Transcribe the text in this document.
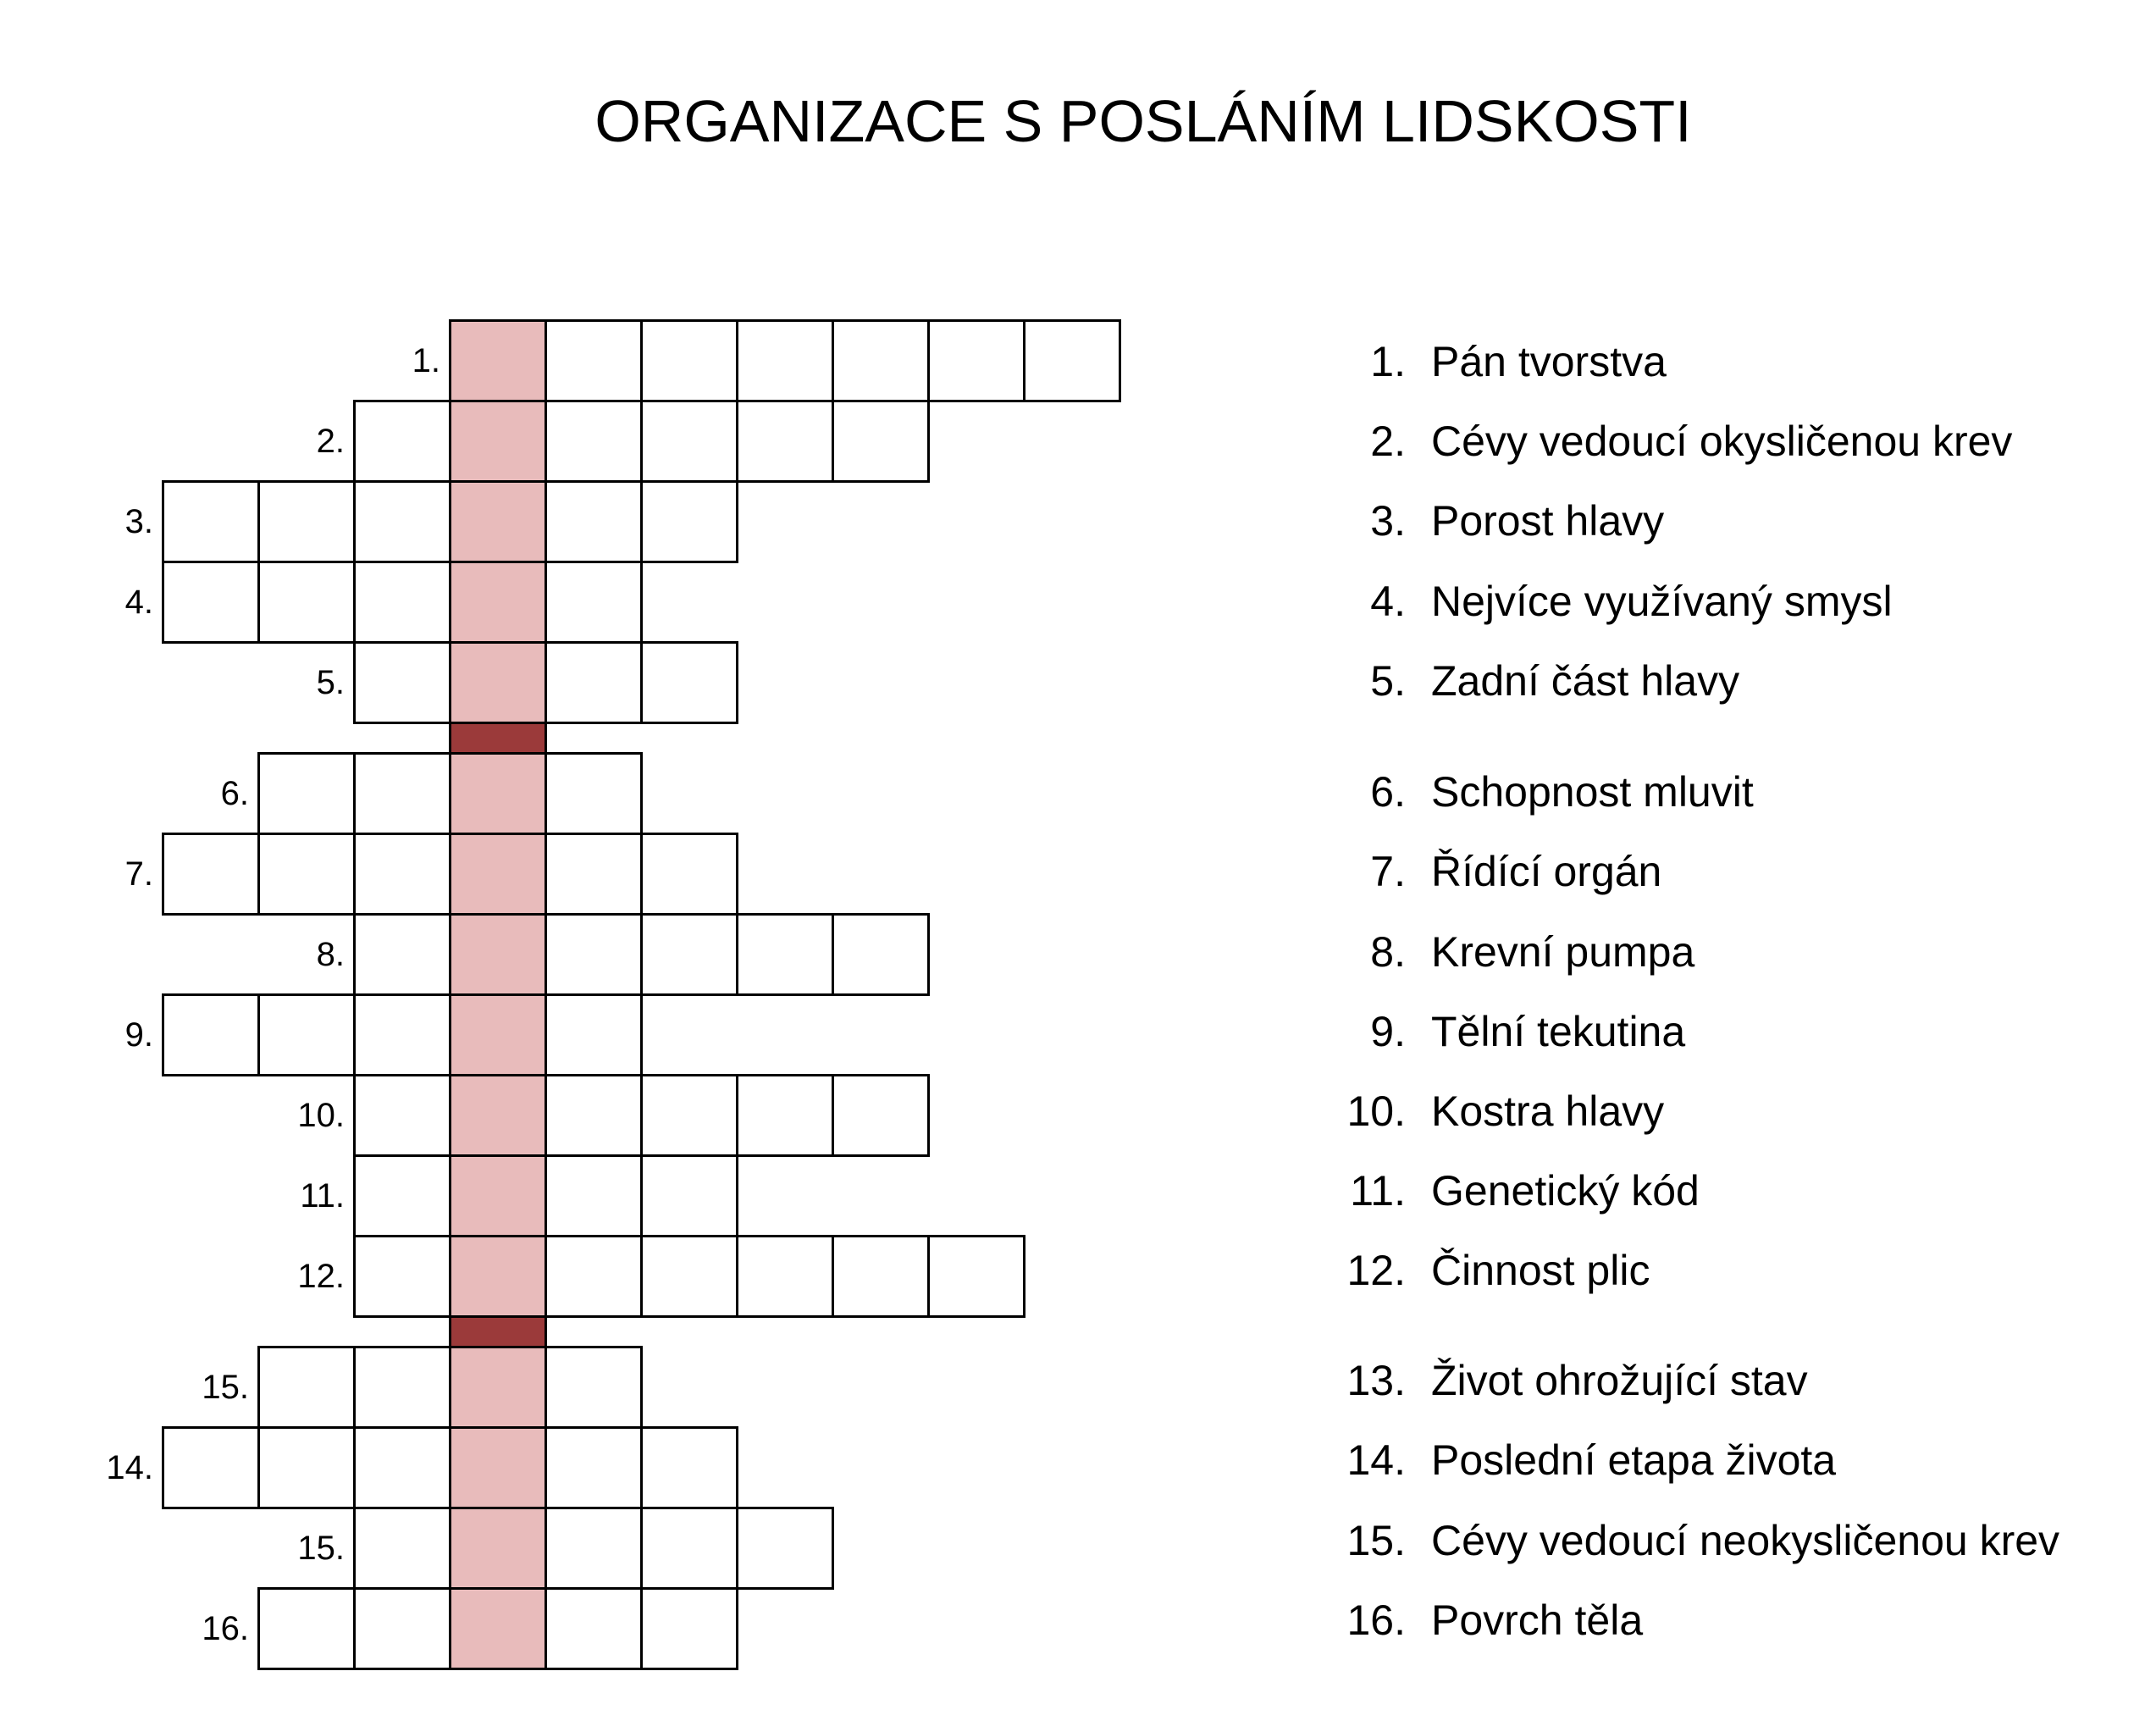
ORGANIZACE S POSLÁNÍM LIDSKOSTI
1.
2.
3.
4.
5.
6.
7.
8.
9.
10.
11.
12.
15.
14.
15.
16.
1. Pán tvorstva
2. Cévy vedoucí okysličenou krev
3. Porost hlavy
4. Nejvíce využívaný smysl
5. Zadní část hlavy
6. Schopnost mluvit
7. Řídící orgán
8. Krevní pumpa
9. Tělní tekutina
10. Kostra hlavy
11. Genetický kód
12. Činnost plic
13. Život ohrožující stav
14. Poslední etapa života
15. Cévy vedoucí neokysličenou krev
16. Povrch těla
